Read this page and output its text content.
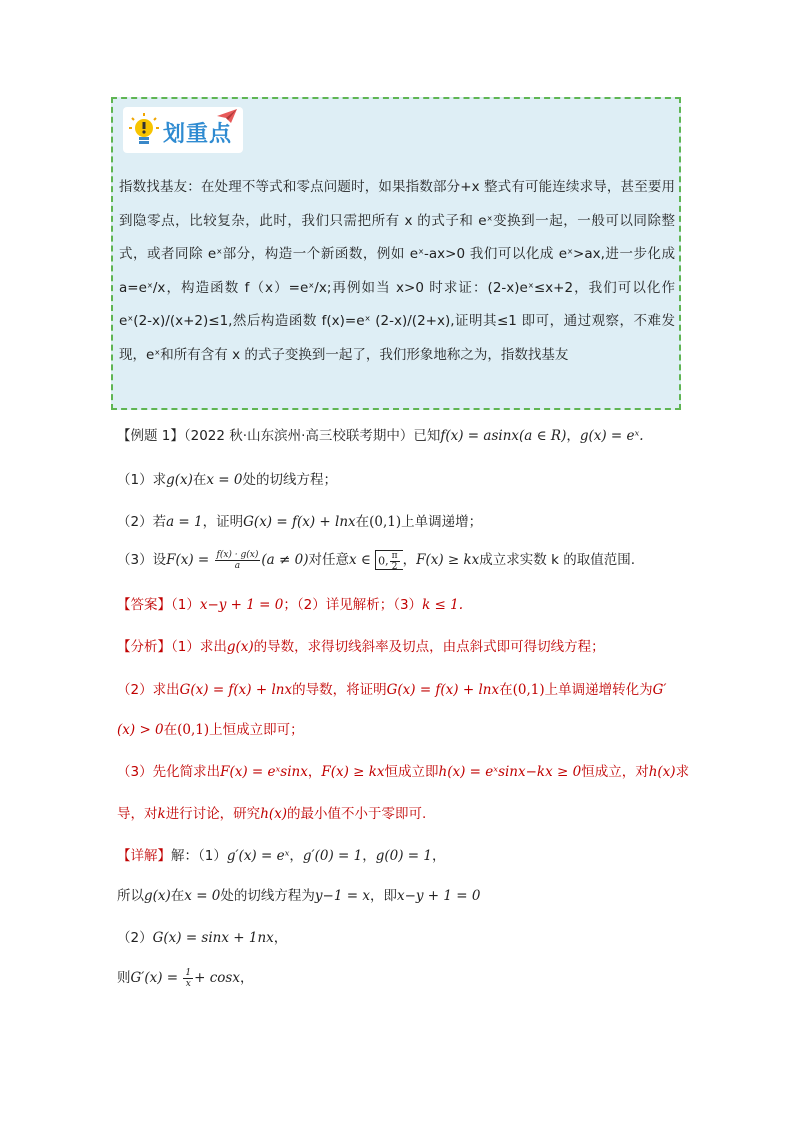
划重点
指数找基友：在处理不等式和零点问题时，如果指数部分+x 整式有可能连续求导，甚至要用到隐零点，比较复杂，此时，我们只需把所有 x 的式子和 eˣ变换到一起，一般可以同除整式，或者同除 eˣ部分，构造一个新函数，例如 eˣ-ax>0 我们可以化成 eˣ>ax,进一步化成 a=eˣ/x，构造函数 f（x）=eˣ/x;再例如当 x>0 时求证：(2-x)eˣ≤x+2，我们可以化作 eˣ(2-x)/(x+2)≤1,然后构造函数 f(x)=eˣ (2-x)/(2+x),证明其≤1 即可，通过观察，不难发现，eˣ和所有含有 x 的式子变换到一起了，我们形象地称之为，指数找基友
【例题 1】（2022 秋·山东滨州·高三校联考期中）已知f(x) = asinx(a ∈ R)，g(x) = eˣ.
（1）求g(x)在x = 0处的切线方程；
（2）若a = 1，证明G(x) = f(x) + lnx在(0,1)上单调递增；
（3）设$F(x) = \frac{f(x) \cdot g(x)}{a} (a \ne 0)$对任意x ∈ 0, $\frac{\pi}{2}$ ，F(x) ≥ kx成立求实数 k 的取值范围.
【答案】（1）x−y + 1 = 0；（2）详见解析；（3）k ≤ 1.
【分析】（1）求出g(x)的导数，求得切线斜率及切点，由点斜式即可得切线方程；
（2）求出G(x) = f(x) + lnx的导数，将证明G(x) = f(x) + lnx在(0,1)上单调递增转化为G′
(x) > 0在(0,1)上恒成立即可；
（3）先化简求出F(x) = eˣsinx，F(x) ≥ kx恒成立即h(x) = eˣsinx−kx ≥ 0恒成立，对h(x)求
导，对k进行讨论，研究h(x)的最小值不小于零即可.
【详解】解：（1）g′(x) = eˣ，g′(0) = 1，g(0) = 1，
所以g(x)在x = 0处的切线方程为y−1 = x，即x−y + 1 = 0
（2）G(x) = sinx + 1nx，
则$G'(x) = \frac{1}{x} + \cos x$，
